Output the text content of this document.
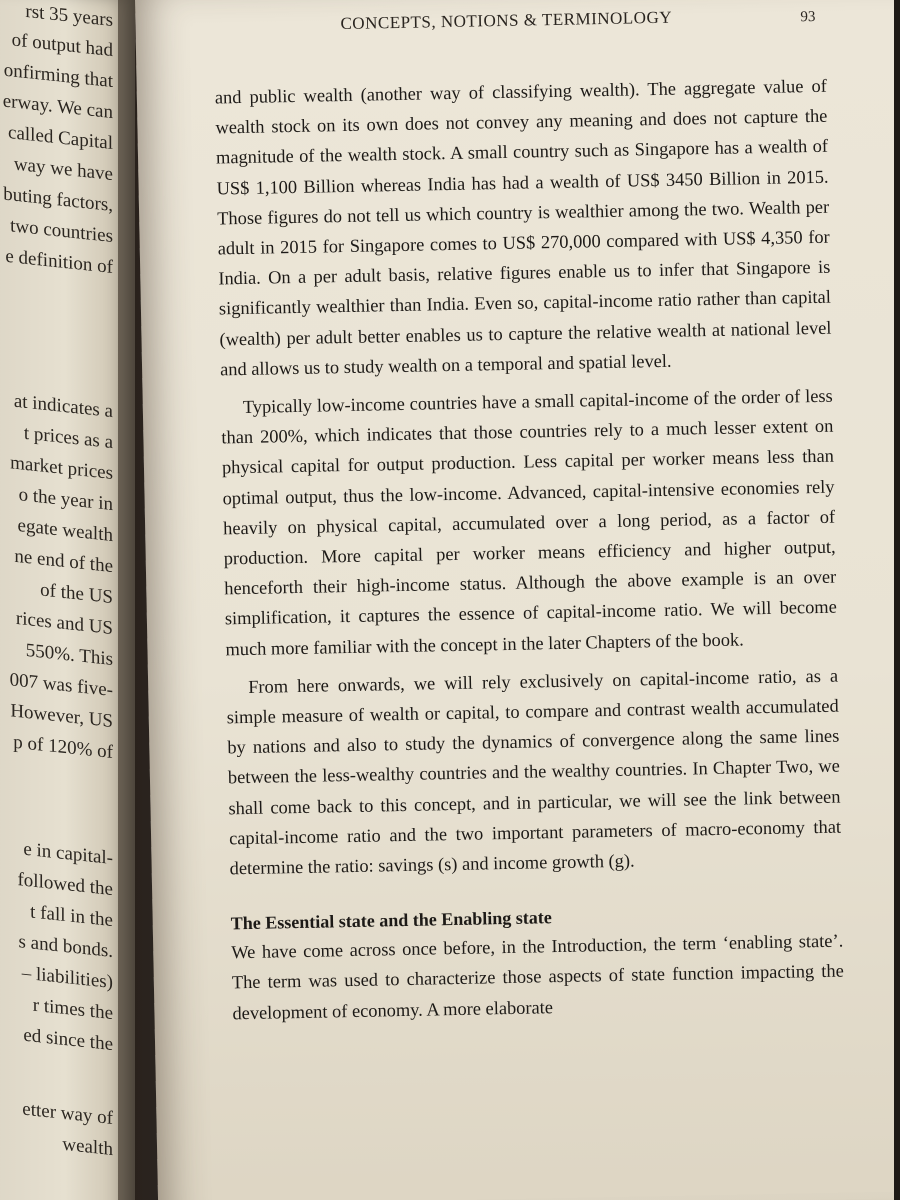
rst 35 years
of output had
onfirming that
erway. We can
called Capital
way we have
buting factors,
two countries
e definition of
at indicates a
t prices as a
market prices
o the year in
egate wealth
ne end of the
of the US
rices and US
550%. This
007 was five-
However, US
p of 120% of
e in capital-
followed the
t fall in the
s and bonds.
– liabilities)
r times the
ed since the
etter way of
wealth
CONCEPTS, NOTIONS & TERMINOLOGY	93

and public wealth (another way of classifying wealth). The aggregate value of wealth stock on its own does not convey any meaning and does not capture the magnitude of the wealth stock. A small country such as Singapore has a wealth of US$ 1,100 Billion whereas India has had a wealth of US$ 3450 Billion in 2015. Those figures do not tell us which country is wealthier among the two. Wealth per adult in 2015 for Singapore comes to US$ 270,000 compared with US$ 4,350 for India. On a per adult basis, relative figures enable us to infer that Singapore is significantly wealthier than India. Even so, capital-income ratio rather than capital (wealth) per adult better enables us to capture the relative wealth at national level and allows us to study wealth on a temporal and spatial level.

Typically low-income countries have a small capital-income of the order of less than 200%, which indicates that those countries rely to a much lesser extent on physical capital for output production. Less capital per worker means less than optimal output, thus the low-income. Advanced, capital-intensive economies rely heavily on physical capital, accumulated over a long period, as a factor of production. More capital per worker means efficiency and higher output, henceforth their high-income status. Although the above example is an over simplification, it captures the essence of capital-income ratio. We will become much more familiar with the concept in the later Chapters of the book.

From here onwards, we will rely exclusively on capital-income ratio, as a simple measure of wealth or capital, to compare and contrast wealth accumulated by nations and also to study the dynamics of convergence along the same lines between the less-wealthy countries and the wealthy countries. In Chapter Two, we shall come back to this concept, and in particular, we will see the link between capital-income ratio and the two important parameters of macro-economy that determine the ratio: savings (s) and income growth (g).

The Essential state and the Enabling state

We have come across once before, in the Introduction, the term ‘enabling state’. The term was used to characterize those aspects of state function impacting the development of economy. A more elaborate
